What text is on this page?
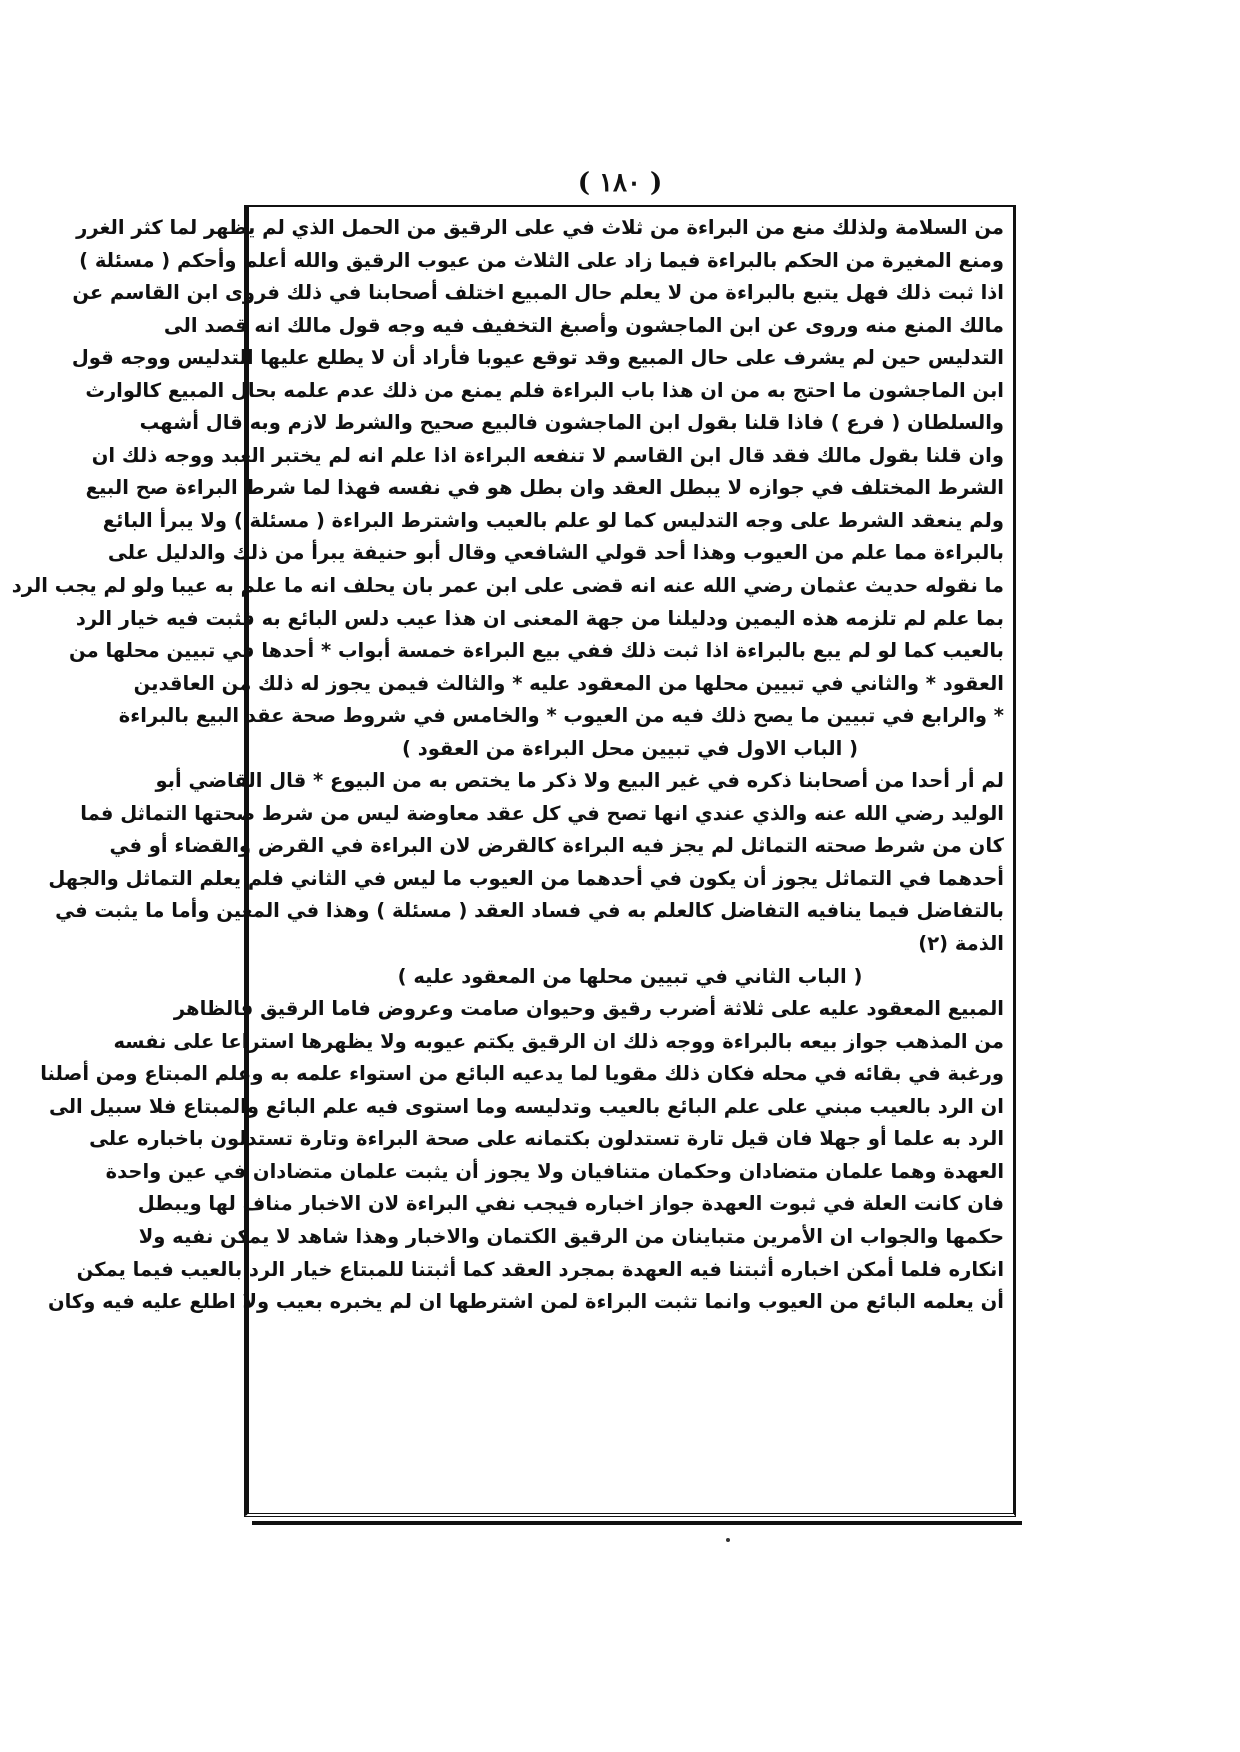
( ١٨٠ )
من السلامة ولذلك منع من البراءة من ثلاث في على الرقيق من الحمل الذي لم يظهر لما كثر الغرر
ومنع المغيرة من الحكم بالبراءة فيما زاد على الثلاث من عيوب الرقيق والله أعلم وأحكم ( مسئلة )
اذا ثبت ذلك فهل يتبع بالبراءة من لا يعلم حال المبيع اختلف أصحابنا في ذلك فروى ابن القاسم عن
مالك المنع منه وروى عن ابن الماجشون وأصبغ التخفيف فيه وجه قول مالك انه قصد الى
التدليس حين لم يشرف على حال المبيع وقد توقع عيوبا فأراد أن لا يطلع عليها التدليس ووجه قول
ابن الماجشون ما احتج به من ان هذا باب البراءة فلم يمنع من ذلك عدم علمه بحال المبيع كالوارث
والسلطان ( فرع ) فاذا قلنا بقول ابن الماجشون فالبيع صحيح والشرط لازم وبه قال أشهب
وان قلنا بقول مالك فقد قال ابن القاسم لا تنفعه البراءة اذا علم انه لم يختبر العبد ووجه ذلك ان
الشرط المختلف في جوازه لا يبطل العقد وان بطل هو في نفسه فهذا لما شرط البراءة صح البيع
ولم ينعقد الشرط على وجه التدليس كما لو علم بالعيب واشترط البراءة ( مسئلة ) ولا يبرأ البائع
بالبراءة مما علم من العيوب وهذا أحد قولي الشافعي وقال أبو حنيفة يبرأ من ذلك والدليل على
ما نقوله حديث عثمان رضي الله عنه انه قضى على ابن عمر بان يحلف انه ما علم به عيبا ولو لم يجب الرد
بما علم لم تلزمه هذه اليمين ودليلنا من جهة المعنى ان هذا عيب دلس البائع به فثبت فيه خيار الرد
بالعيب كما لو لم يبع بالبراءة اذا ثبت ذلك ففي بيع البراءة خمسة أبواب * أحدها في تبيين محلها من
العقود * والثاني في تبيين محلها من المعقود عليه * والثالث فيمن يجوز له ذلك من العاقدين
* والرابع في تبيين ما يصح ذلك فيه من العيوب * والخامس في شروط صحة عقد البيع بالبراءة
( الباب الاول في تبيين محل البراءة من العقود )
لم أر أحدا من أصحابنا ذكره في غير البيع ولا ذكر ما يختص به من البيوع * قال القاضي أبو
الوليد رضي الله عنه والذي عندي انها تصح في كل عقد معاوضة ليس من شرط صحتها التماثل فما
كان من شرط صحته التماثل لم يجز فيه البراءة كالقرض لان البراءة في القرض والقضاء أو في
أحدهما في التماثل يجوز أن يكون في أحدهما من العيوب ما ليس في الثاني فلم يعلم التماثل والجهل
بالتفاضل فيما ينافيه التفاضل كالعلم به في فساد العقد ( مسئلة ) وهذا في المعين وأما ما يثبت في
الذمة (٢)
( الباب الثاني في تبيين محلها من المعقود عليه )
المبيع المعقود عليه على ثلاثة أضرب رقيق وحيوان صامت وعروض فاما الرقيق فالظاهر
من المذهب جواز بيعه بالبراءة ووجه ذلك ان الرقيق يكتم عيوبه ولا يظهرها استراعا على نفسه
ورغبة في بقائه في محله فكان ذلك مقويا لما يدعيه البائع من استواء علمه به وعلم المبتاع ومن أصلنا
ان الرد بالعيب مبني على علم البائع بالعيب وتدليسه وما استوى فيه علم البائع والمبتاع فلا سبيل الى
الرد به علما أو جهلا فان قيل تارة تستدلون بكتمانه على صحة البراءة وتارة تستدلون باخباره على
العهدة وهما علمان متضادان وحكمان متنافيان ولا يجوز أن يثبت علمان متضادان في عين واحدة
فان كانت العلة في ثبوت العهدة جواز اخباره فيجب نفي البراءة لان الاخبار مناف لها ويبطل
حكمها والجواب ان الأمرين متباينان من الرقيق الكتمان والاخبار وهذا شاهد لا يمكن نفيه ولا
انكاره فلما أمكن اخباره أثبتنا فيه العهدة بمجرد العقد كما أثبتنا للمبتاع خيار الرد بالعيب فيما يمكن
أن يعلمه البائع من العيوب وانما تثبت البراءة لمن اشترطها ان لم يخبره بعيب ولا اطلع عليه فيه وكان
